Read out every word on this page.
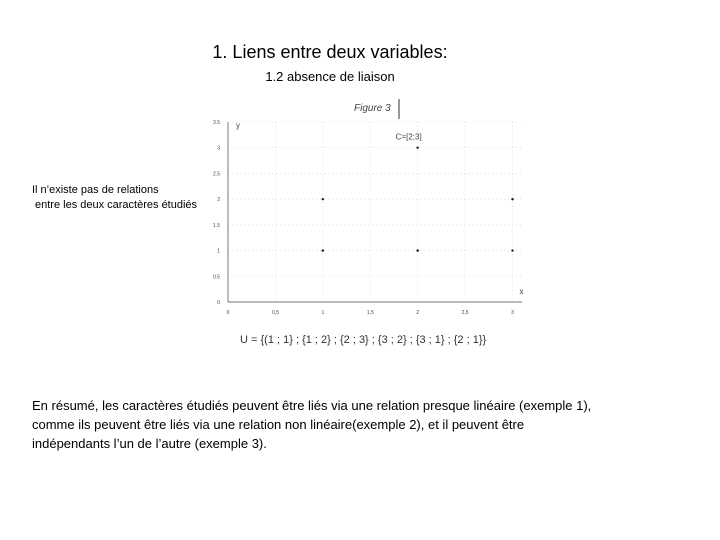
1. Liens entre deux variables:
1.2 absence de liaison
Il n’existe pas de relations
entre les deux caractères étudiés
0
0.5
1
1.5
2
2.5
3
3.5
0	0,5	1	1,5	2	2,5	3
Figure 3
C=[2;3]
x
y
U = {(1 ; 1} ; {1 ; 2} ; {2 ; 3} ; {3 ; 2} ; {3 ; 1} ; {2 ; 1}}
En résumé, les caractères étudiés peuvent être liés via une relation presque linéaire (exemple 1),
comme ils peuvent être liés via une relation non linéaire(exemple 2), et il peuvent être
indépendants l’un de l’autre (exemple 3).
